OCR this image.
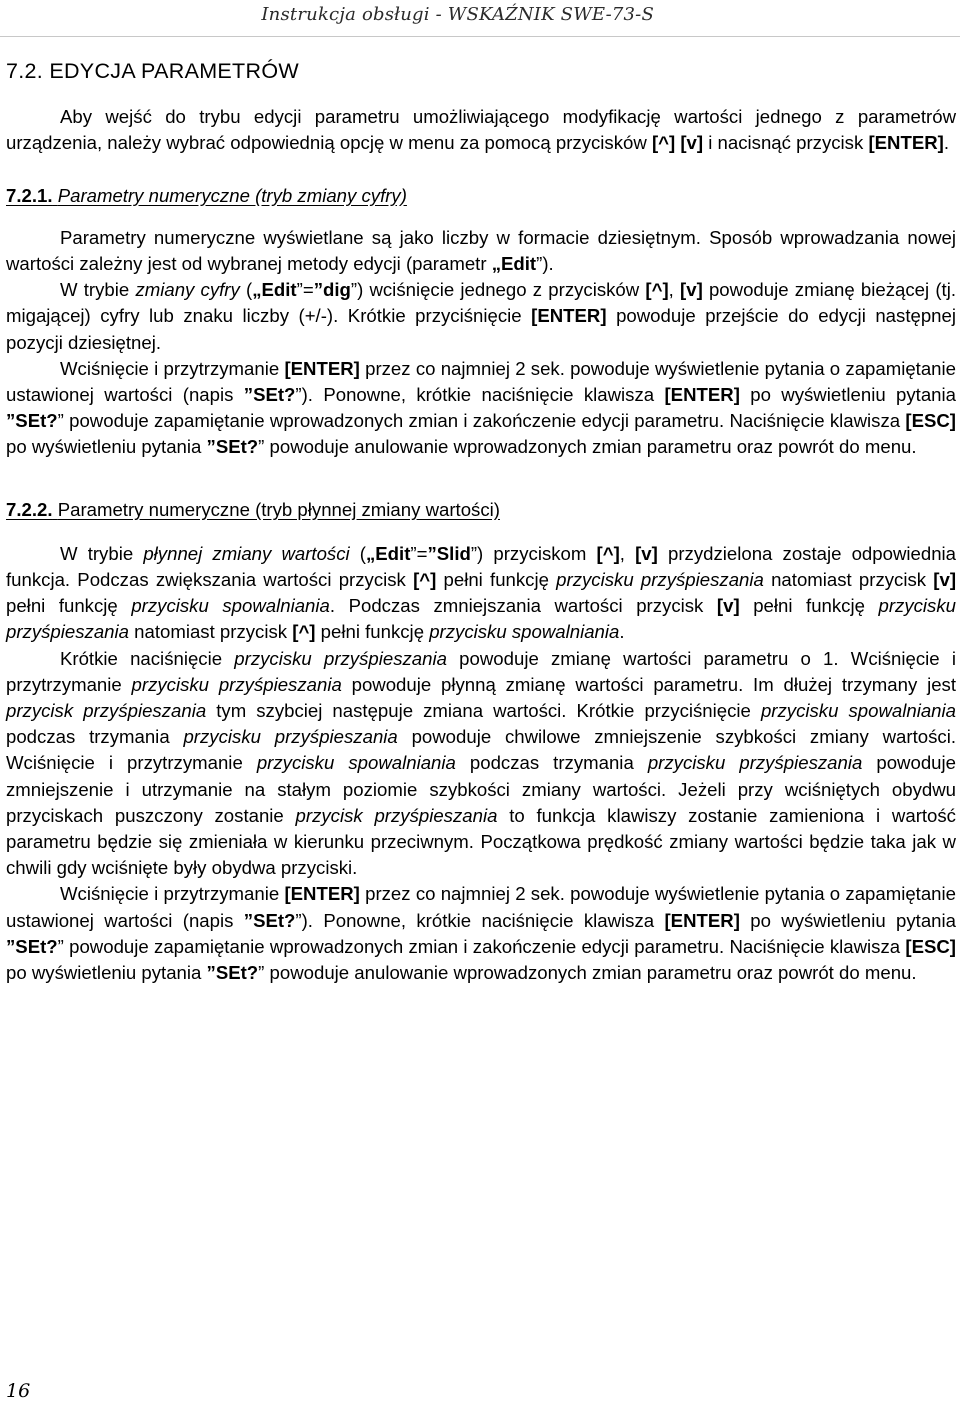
Instrukcja obsługi - WSKAŹNIK SWE-73-S
7.2. EDYCJA PARAMETRÓW

Aby wejść do trybu edycji parametru umożliwiającego modyfikację wartości jednego z parametrów urządzenia, należy wybrać odpowiednią opcję w menu za pomocą przycisków [^] [v] i nacisnąć przycisk [ENTER].

7.2.1. Parametry numeryczne (tryb zmiany cyfry)

Parametry numeryczne wyświetlane są jako liczby w formacie dziesiętnym. Sposób wprowadzania nowej wartości zależny jest od wybranej metody edycji (parametr „Edit”).

W trybie zmiany cyfry („Edit”=”dig”) wciśnięcie jednego z przycisków [^], [v] powoduje zmianę bieżącej (tj. migającej) cyfry lub znaku liczby (+/-). Krótkie przyciśnięcie [ENTER] powoduje przejście do edycji następnej pozycji dziesiętnej.

Wciśnięcie i przytrzymanie [ENTER] przez co najmniej 2 sek. powoduje wyświetlenie pytania o zapamiętanie ustawionej wartości (napis ”SEt?”). Ponowne, krótkie naciśnięcie klawisza [ENTER] po wyświetleniu pytania ”SEt?” powoduje zapamiętanie wprowadzonych zmian i zakończenie edycji parametru. Naciśnięcie klawisza [ESC] po wyświetleniu pytania ”SEt?” powoduje anulowanie wprowadzonych zmian parametru oraz powrót do menu.

7.2.2. Parametry numeryczne (tryb płynnej zmiany wartości)

W trybie płynnej zmiany wartości („Edit”=”Slid”) przyciskom [^], [v] przydzielona zostaje odpowiednia funkcja. Podczas zwiększania wartości przycisk [^] pełni funkcję przycisku przyśpieszania natomiast przycisk [v] pełni funkcję przycisku spowalniania. Podczas zmniejszania wartości przycisk [v] pełni funkcję przycisku przyśpieszania natomiast przycisk [^] pełni funkcję przycisku spowalniania.

Krótkie naciśnięcie przycisku przyśpieszania powoduje zmianę wartości parametru o 1. Wciśnięcie i przytrzymanie przycisku przyśpieszania powoduje płynną zmianę wartości parametru. Im dłużej trzymany jest przycisk przyśpieszania tym szybciej następuje zmiana wartości. Krótkie przyciśnięcie przycisku spowalniania podczas trzymania przycisku przyśpieszania powoduje chwilowe zmniejszenie szybkości zmiany wartości. Wciśnięcie i przytrzymanie przycisku spowalniania podczas trzymania przycisku przyśpieszania powoduje zmniejszenie i utrzymanie na stałym poziomie szybkości zmiany wartości. Jeżeli przy wciśniętych obydwu przyciskach puszczony zostanie przycisk przyśpieszania to funkcja klawiszy zostanie zamieniona i wartość parametru będzie się zmieniała w kierunku przeciwnym. Początkowa prędkość zmiany wartości będzie taka jak w chwili gdy wciśnięte były obydwa przyciski.

Wciśnięcie i przytrzymanie [ENTER] przez co najmniej 2 sek. powoduje wyświetlenie pytania o zapamiętanie ustawionej wartości (napis ”SEt?”). Ponowne, krótkie naciśnięcie klawisza [ENTER] po wyświetleniu pytania ”SEt?” powoduje zapamiętanie wprowadzonych zmian i zakończenie edycji parametru. Naciśnięcie klawisza [ESC] po wyświetleniu pytania ”SEt?” powoduje anulowanie wprowadzonych zmian parametru oraz powrót do menu.

16
